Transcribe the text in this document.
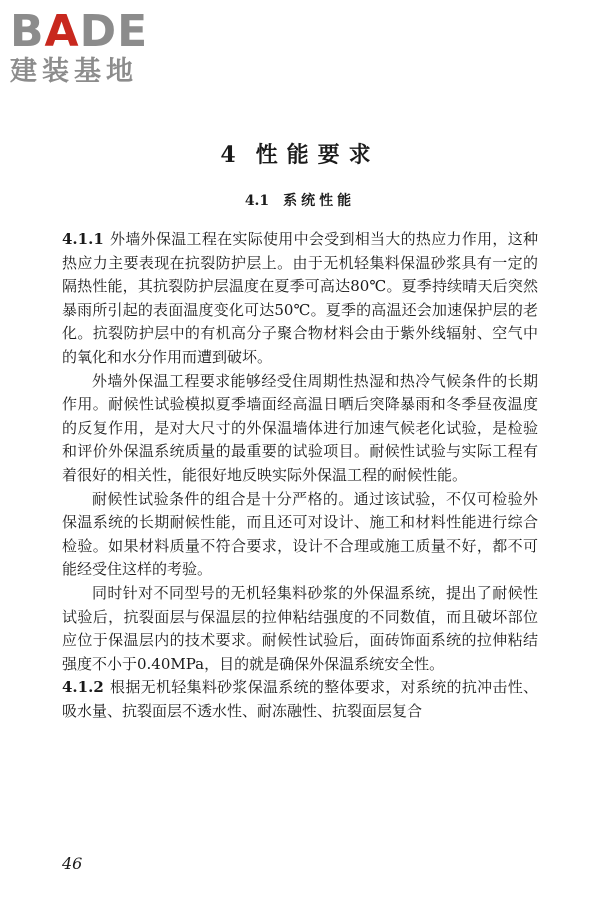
BADE
建装基地
4 性能要求
4.1 系统性能

4.1.1 外墙外保温工程在实际使用中会受到相当大的热应力作用，这种热应力主要表现在抗裂防护层上。由于无机轻集料保温砂浆具有一定的隔热性能，其抗裂防护层温度在夏季可高达80℃。夏季持续晴天后突然暴雨所引起的表面温度变化可达50℃。夏季的高温还会加速保护层的老化。抗裂防护层中的有机高分子聚合物材料会由于紫外线辐射、空气中的氧化和水分作用而遭到破坏。

外墙外保温工程要求能够经受住周期性热湿和热冷气候条件的长期作用。耐候性试验模拟夏季墙面经高温日晒后突降暴雨和冬季昼夜温度的反复作用，是对大尺寸的外保温墙体进行加速气候老化试验，是检验和评价外保温系统质量的最重要的试验项目。耐候性试验与实际工程有着很好的相关性，能很好地反映实际外保温工程的耐候性能。

耐候性试验条件的组合是十分严格的。通过该试验，不仅可检验外保温系统的长期耐候性能，而且还可对设计、施工和材料性能进行综合检验。如果材料质量不符合要求，设计不合理或施工质量不好，都不可能经受住这样的考验。

同时针对不同型号的无机轻集料砂浆的外保温系统，提出了耐候性试验后，抗裂面层与保温层的拉伸粘结强度的不同数值，而且破坏部位应位于保温层内的技术要求。耐候性试验后，面砖饰面系统的拉伸粘结强度不小于0.40MPa，目的就是确保外保温系统安全性。

4.1.2 根据无机轻集料砂浆保温系统的整体要求，对系统的抗冲击性、吸水量、抗裂面层不透水性、耐冻融性、抗裂面层复合

46
